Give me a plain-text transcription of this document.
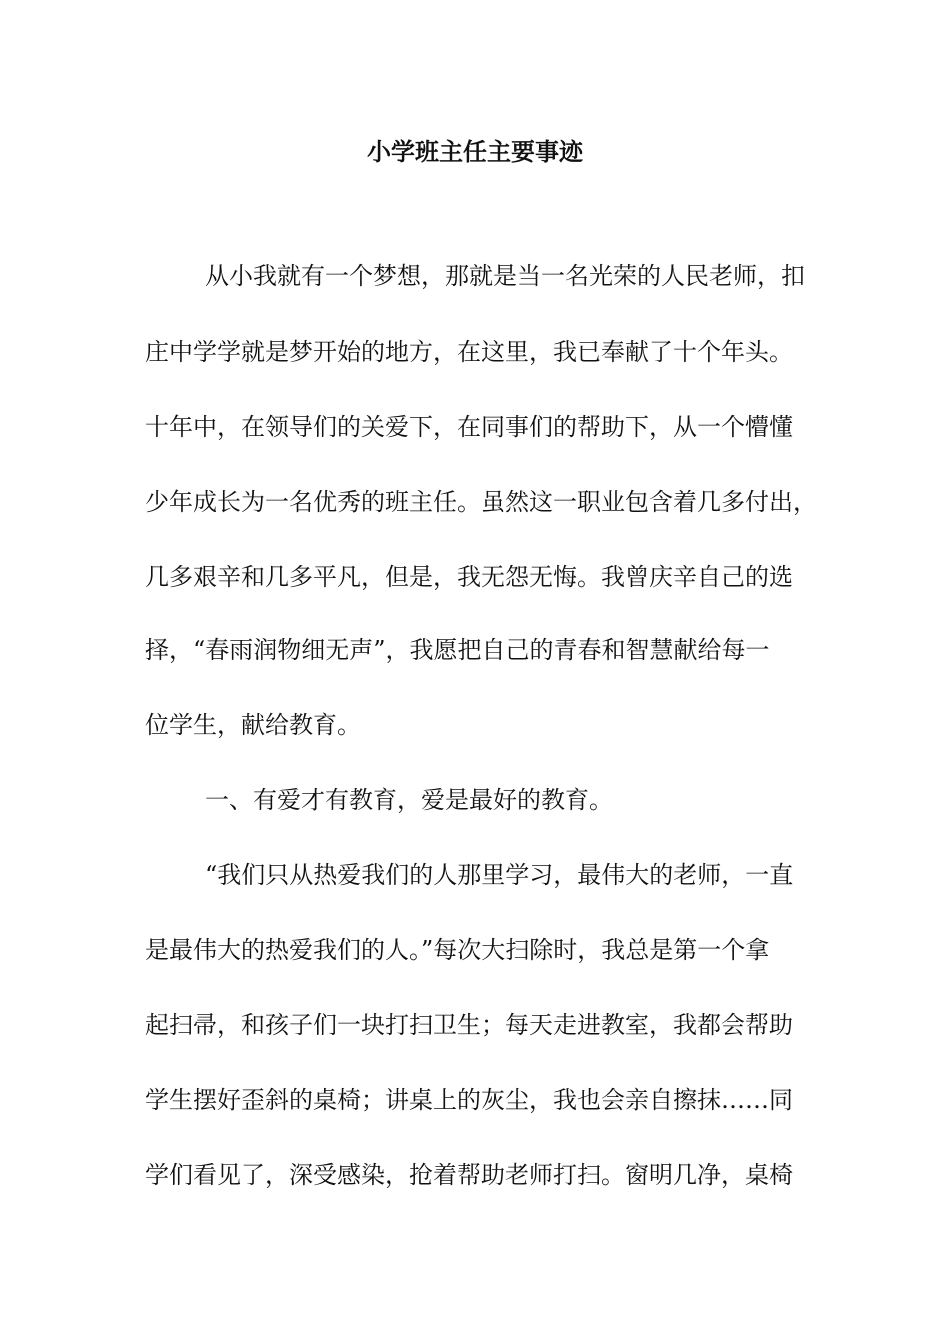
小学班主任主要事迹
从小我就有一个梦想，那就是当一名光荣的人民老师，扣
庄中学学就是梦开始的地方，在这里，我已奉献了十个年头。
十年中，在领导们的关爱下，在同事们的帮助下，从一个懵懂
少年成长为一名优秀的班主任。虽然这一职业包含着几多付出，
几多艰辛和几多平凡，但是，我无怨无悔。我曾庆辛自己的选
择，“春雨润物细无声”，我愿把自己的青春和智慧献给每一
位学生，献给教育。
一、有爱才有教育，爱是最好的教育。
“我们只从热爱我们的人那里学习，最伟大的老师，一直
是最伟大的热爱我们的人。”每次大扫除时，我总是第一个拿
起扫帚，和孩子们一块打扫卫生；每天走进教室，我都会帮助
学生摆好歪斜的桌椅；讲桌上的灰尘，我也会亲自擦抹……同
学们看见了，深受感染，抢着帮助老师打扫。窗明几净，桌椅
